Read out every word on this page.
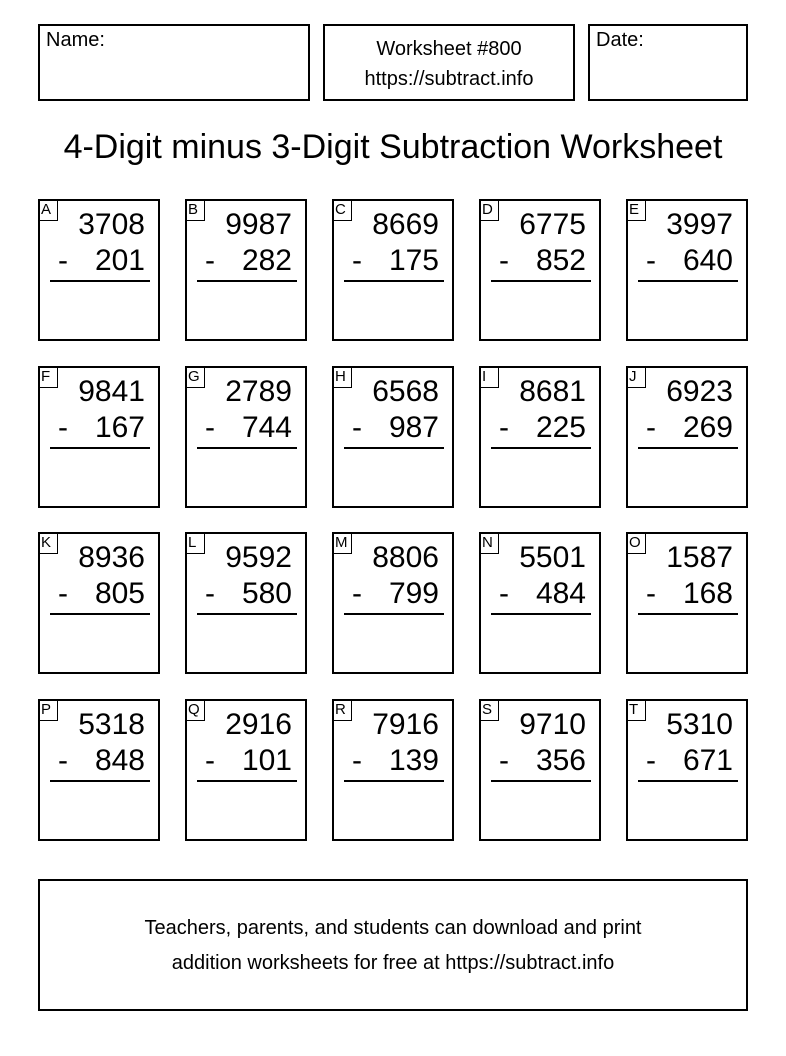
Name:	Worksheet #800
https://subtract.info
Date:
4-Digit minus 3-Digit Subtraction Worksheet
A 3708
- 201
B 9987
- 282
C 8669
- 175
D 6775
- 852
E 3997
- 640
F 9841
- 167
G 2789
- 744
H 6568
- 987
I	8681
- 225
J 6923
- 269
K 8936
- 805
L 9592
- 580
M 8806
- 799
N 5501
- 484
O 1587
- 168
P 5318
- 848
Q 2916
- 101
R 7916
- 139
S 9710
- 356
T 5310
- 671
Teachers, parents, and students can download and print
addition worksheets for free at https://subtract.info
